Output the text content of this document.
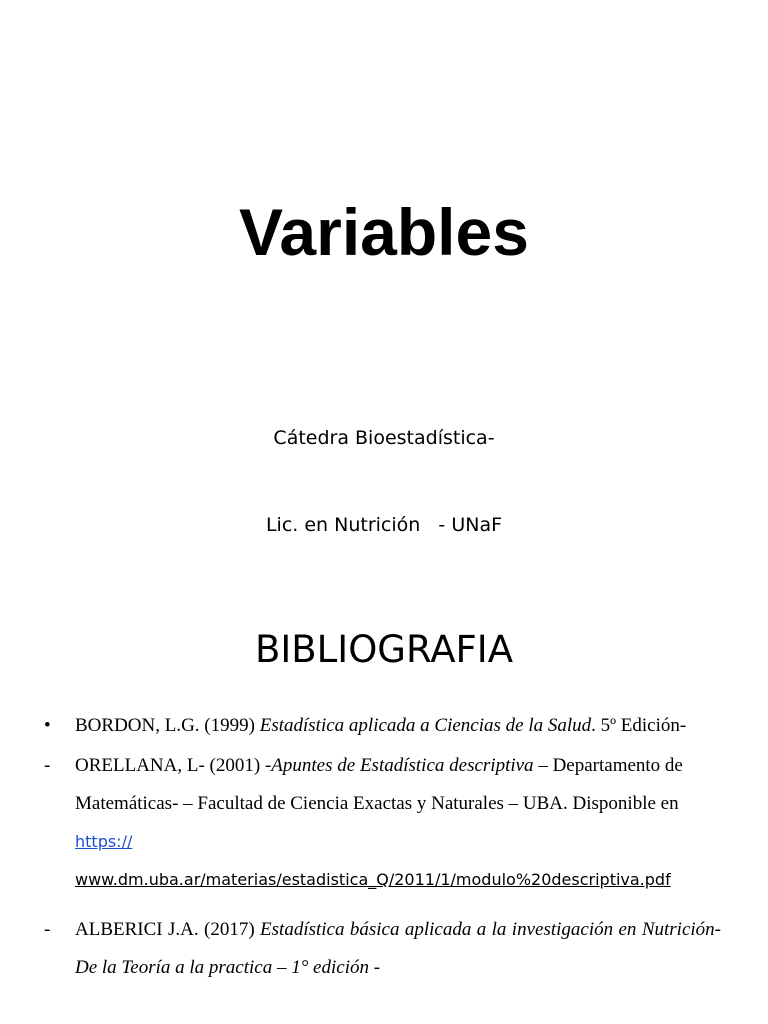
Variables

Cátedra Bioestadística-

Lic. en Nutrición   - UNaF

BIBLIOGRAFIA
• BORDON, L.G. (1999) Estadística aplicada a Ciencias de la Salud. 5º Edición-
- ORELLANA, L- (2001) -Apuntes de Estadística descriptiva – Departamento de Matemáticas- – Facultad de Ciencia Exactas y Naturales – UBA. Disponible en https://
www.dm.uba.ar/materias/estadistica_Q/2011/1/modulo%20descriptiva.pdf
- ALBERICI J.A. (2017) Estadística básica aplicada a la investigación en Nutrición- De la Teoría a la practica – 1° edición -
